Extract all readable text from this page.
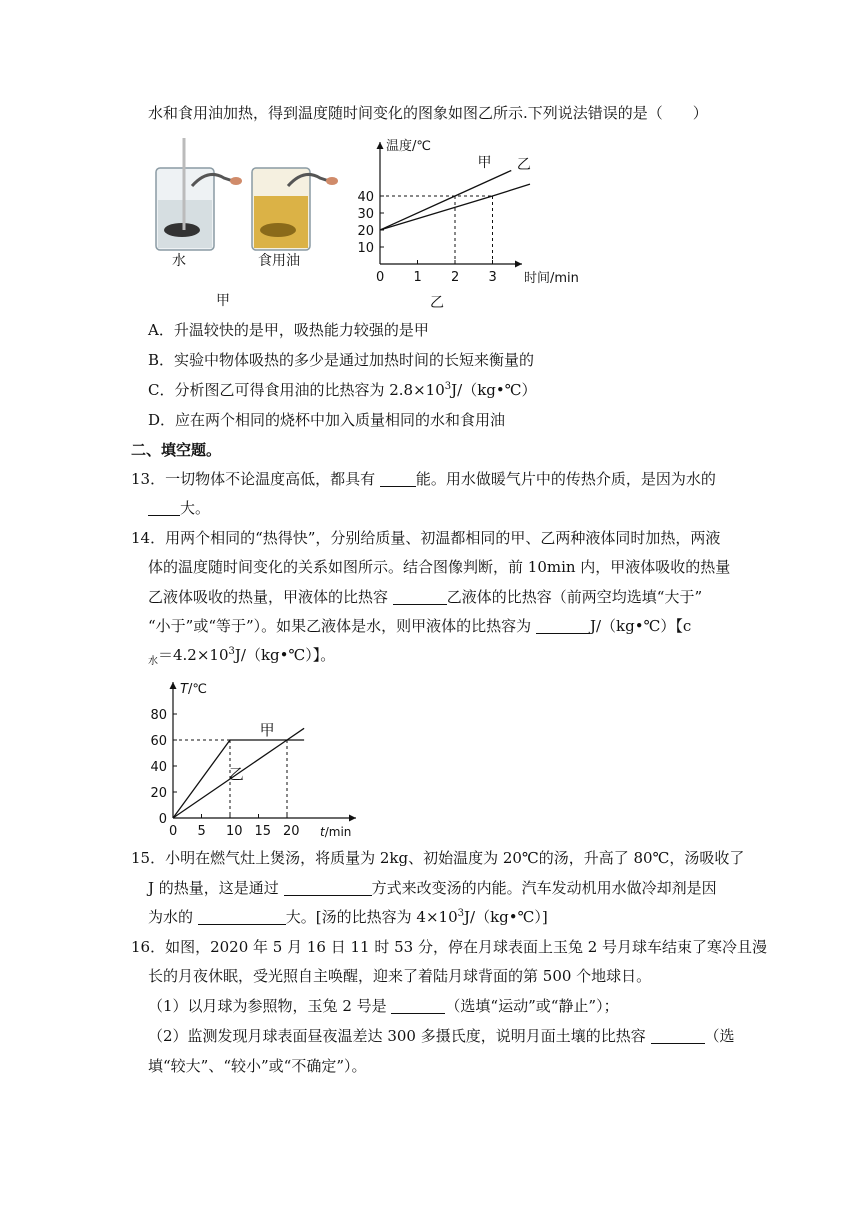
水和食用油加热，得到温度随时间变化的图象如图乙所示.下列说法错误的是（　　）
水	食用油
甲
0 1 2 3
10
20
30
40
温度/℃
时间/min
甲 乙
乙
A．升温较快的是甲，吸热能力较强的是甲
B．实验中物体吸热的多少是通过加热时间的长短来衡量的
C．分析图乙可得食用油的比热容为 $2.8\times 10^3J/(kg•℃)$
D．应在两个相同的烧杯中加入质量相同的水和食用油
二、填空题。
13．一切物体不论温度高低，都具有	能。用水做暖气片中的传热介质，是因为水的
大。
14．用两个相同的“热得快”，分别给质量、初温都相同的甲、乙两种液体同时加热，两液
体的温度随时间变化的关系如图所示。结合图像判断，前 10min 内，甲液体吸收的热量
乙液体吸收的热量，甲液体的比热容	乙液体的比热容（前两空均选填“大于”
“小于”或“等于”）。如果乙液体是水，则甲液体的比热容为	J/（kg•℃）【c
$_水=4.2\times 10^3J/(kg•℃)$】。
0 5 10 15 20
0
20
40
60
80
T/℃
t/min
甲
乙
15．小明在燃气灶上煲汤，将质量为 2kg、初始温度为 20℃的汤，升高了 80℃，汤吸收了
J 的热量，这是通过	方式来改变汤的内能。汽车发动机用水做冷却剂是因
为水的	大。[汤的比热容为 $4\times 10^3J/(kg•℃)$]
16．如图，2020 年 5 月 16 日 11 时 53 分，停在月球表面上玉兔 2 号月球车结束了寒冷且漫
长的月夜休眠，受光照自主唤醒，迎来了着陆月球背面的第 500 个地球日。
（1）以月球为参照物，玉兔 2 号是	（选填“运动”或“静止”）；
（2）监测发现月球表面昼夜温差达 300 多摄氏度，说明月面土壤的比热容	（选
填“较大”、“较小”或“不确定”）。
